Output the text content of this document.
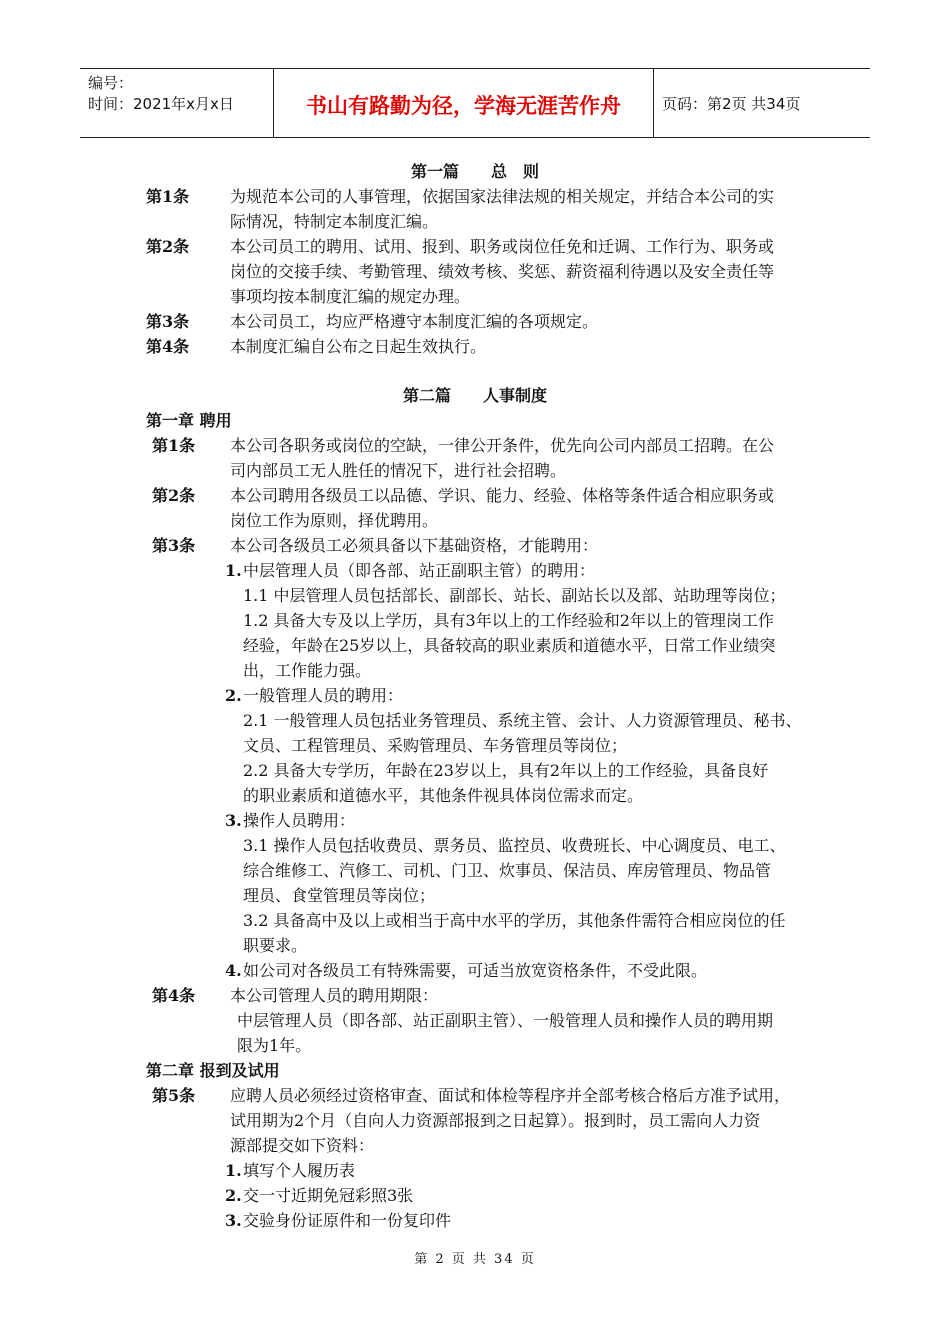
编号：
时间：2021年x月x日	书山有路勤为径，学海无涯苦作舟	页码：第2页 共34页
第一篇　　总　则
第1条	为规范本公司的人事管理，依据国家法律法规的相关规定，并结合本公司的实
际情况，特制定本制度汇编。
第2条	本公司员工的聘用、试用、报到、职务或岗位任免和迁调、工作行为、职务或
岗位的交接手续、考勤管理、绩效考核、奖惩、薪资福利待遇以及安全责任等
事项均按本制度汇编的规定办理。
第3条	本公司员工，均应严格遵守本制度汇编的各项规定。
第4条	本制度汇编自公布之日起生效执行。
第二篇　　人事制度
第一章 聘用
第1条 本公司各职务或岗位的空缺，一律公开条件，优先向公司内部员工招聘。在公
司内部员工无人胜任的情况下，进行社会招聘。
第2条 本公司聘用各级员工以品德、学识、能力、经验、体格等条件适合相应职务或
岗位工作为原则，择优聘用。
第3条 本公司各级员工必须具备以下基础资格，才能聘用：
1. 中层管理人员（即各部、站正副职主管）的聘用：
1.1 中层管理人员包括部长、副部长、站长、副站长以及部、站助理等岗位；
1.2 具备大专及以上学历，具有3年以上的工作经验和2年以上的管理岗工作
经验，年龄在25岁以上，具备较高的职业素质和道德水平，日常工作业绩突
出，工作能力强。
2. 一般管理人员的聘用：
2.1 一般管理人员包括业务管理员、系统主管、会计、人力资源管理员、秘书、
文员、工程管理员、采购管理员、车务管理员等岗位；
2.2 具备大专学历，年龄在23岁以上，具有2年以上的工作经验，具备良好
的职业素质和道德水平，其他条件视具体岗位需求而定。
3. 操作人员聘用：
3.1 操作人员包括收费员、票务员、监控员、收费班长、中心调度员、电工、
综合维修工、汽修工、司机、门卫、炊事员、保洁员、库房管理员、物品管
理员、食堂管理员等岗位；
3.2 具备高中及以上或相当于高中水平的学历，其他条件需符合相应岗位的任
职要求。
4. 如公司对各级员工有特殊需要，可适当放宽资格条件，不受此限。
第4条 本公司管理人员的聘用期限：
中层管理人员（即各部、站正副职主管）、一般管理人员和操作人员的聘用期
限为1年。
第二章 报到及试用
第5条 应聘人员必须经过资格审查、面试和体检等程序并全部考核合格后方准予试用，
试用期为2个月（自向人力资源部报到之日起算）。报到时，员工需向人力资
源部提交如下资料：
1. 填写个人履历表
2. 交一寸近期免冠彩照3张
3. 交验身份证原件和一份复印件
第 2 页 共 34 页
